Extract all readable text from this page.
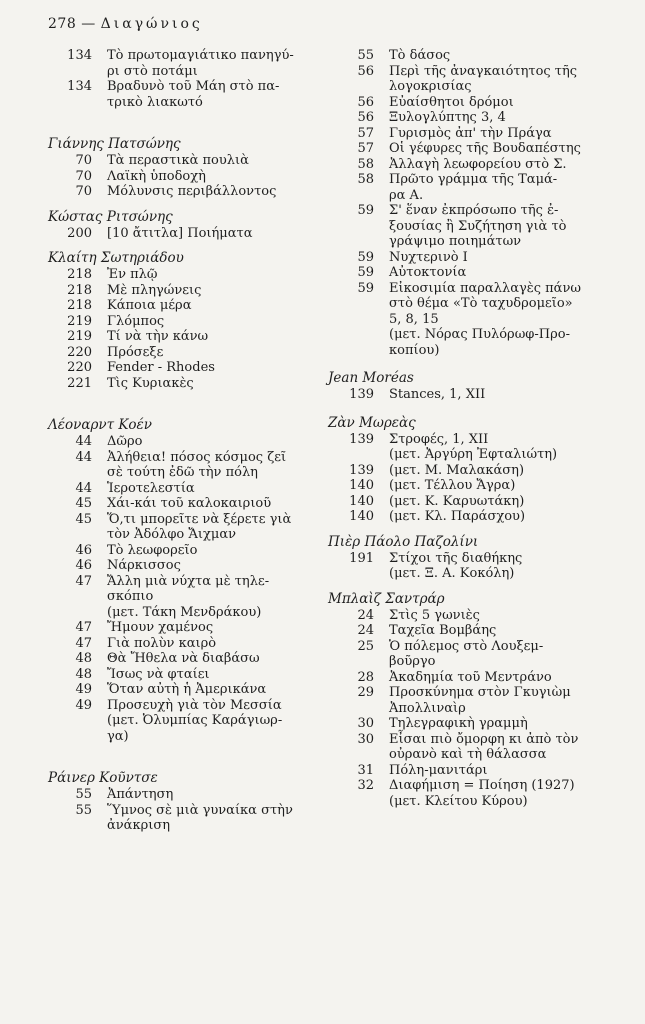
278 — Διαγώνιος
134	Τὸ πρωτομαγιάτικο πανηγύ-
ρι στὸ ποτάμι
134	Βραδυνὸ τοῦ Μάη στὸ πα-
τρικὸ λιακωτό
Γιάννης Πατσώνης
70	Τὰ περαστικὰ πουλιὰ
70	Λαϊκὴ ὑποδοχὴ
70	Μόλυνσις περιβάλλοντος
Κώστας Ριτσώνης
200	[10 ἄτιτλα] Ποιήματα
Κλαίτη Σωτηριάδου
218	Ἐν πλῷ
218	Μὲ πληγώνεις
218	Κάποια μέρα
219	Γλόμπος
219	Τί νὰ τὴν κάνω
220	Πρόσεξε
220	Fender - Rhodes
221	Τὶς Κυριακὲς
Λέοναρντ Κοέν
44	Δῶρο
44	Ἀλήθεια! πόσος κόσμος ζεῖ
σὲ τούτη ἐδῶ τὴν πόλη
44	Ἱεροτελεστία
45	Χάι-κάι τοῦ καλοκαιριοῦ
45	Ὅ,τι μπορεῖτε νὰ ξέρετε γιὰ
τὸν Ἀδόλφο Ἄιχμαν
46	Τὸ λεωφορεῖο
46	Νάρκισσος
47	Ἄλλη μιὰ νύχτα μὲ τηλε-
σκόπιο
(μετ. Τάκη Μενδράκου)
47	Ἤμουν χαμένος
47	Γιὰ πολὺν καιρὸ
48	Θὰ Ἤθελα νὰ διαβάσω
48	Ἴσως νὰ φταίει
49	Ὅταν αὐτὴ ἡ Ἀμερικάνα
49	Προσευχὴ γιὰ τὸν Μεσσία
(μετ. Ὀλυμπίας Καράγιωρ-
γα)
Ράινερ Κοῦντσε
55	Ἀπάντηση
55	Ὕμνος σὲ μιὰ γυναίκα στὴν
ἀνάκριση
55	Τὸ δάσος
56	Περὶ τῆς ἀναγκαιότητος τῆς
λογοκρισίας
56	Εὐαίσθητοι δρόμοι
56	Ξυλογλύπτης 3, 4
57	Γυρισμὸς ἀπ' τὴν Πράγα
57	Οἱ γέφυρες τῆς Βουδαπέστης
58	Ἀλλαγὴ λεωφορείου στὸ Σ.
58	Πρῶτο γράμμα τῆς Ταμά-
ρα Α.
59	Σ' ἕναν ἐκπρόσωπο τῆς ἐ-
ξουσίας ἢ Συζήτηση γιὰ τὸ
γράψιμο ποιημάτων
59	Νυχτερινὸ Ι
59	Αὐτοκτονία
59	Εἰκοσιμία παραλλαγὲς πάνω
στὸ θέμα «Τὸ ταχυδρομεῖο»
5, 8, 15
(μετ. Νόρας Πυλόρωφ-Προ-
κοπίου)
Jean Moréas
139	Stances, 1, XII
Ζὰν Μωρεὰς
139	Στροφές, 1, XII
(μετ. Ἀργύρη Ἐφταλιώτη)
139	(μετ. Μ. Μαλακάση)
140	(μετ. Τέλλου Ἄγρα)
140	(μετ. Κ. Καρυωτάκη)
140	(μετ. Κλ. Παράσχου)
Πιὲρ Πάολο Παζολίνι
191	Στίχοι τῆς διαθήκης
(μετ. Ξ. Α. Κοκόλη)
Μπλαὶζ Σαντράρ
24	Στὶς 5 γωνιὲς
24	Ταχεῖα Βομβάης
25	Ὁ πόλεμος στὸ Λουξεμ-
βοῦργο
28	Ἀκαδημία τοῦ Μεντράνο
29	Προσκύνημα στὸν Γκυγιὼμ
Ἀπολλιναὶρ
30	Τηλεγραφικὴ γραμμὴ
30	Εἶσαι πιὸ ὄμορφη κι ἀπὸ τὸν
οὐρανὸ καὶ τὴ θάλασσα
31	Πόλη-μανιτάρι
32	Διαφήμιση = Ποίηση (1927)
(μετ. Κλείτου Κύρου)
